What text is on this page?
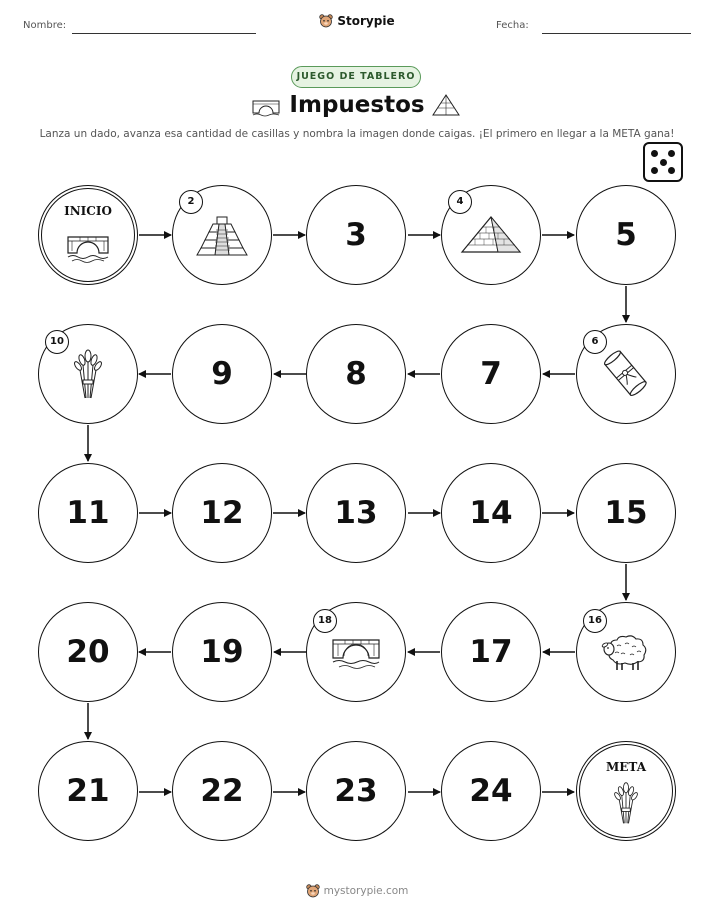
Nombre:	Storypie	Fecha:
JUEGO DE TABLERO
Impuestos
Lanza un dado, avanza esa cantidad de casillas y nombra la imagen donde caigas. ¡El primero en llegar a la META gana!
INICIO
2
3
4
5
10
9	8	7
6
11	12	13	14	15
20	19
18
17
16
21	22	23	24
META
mystorypie.com
